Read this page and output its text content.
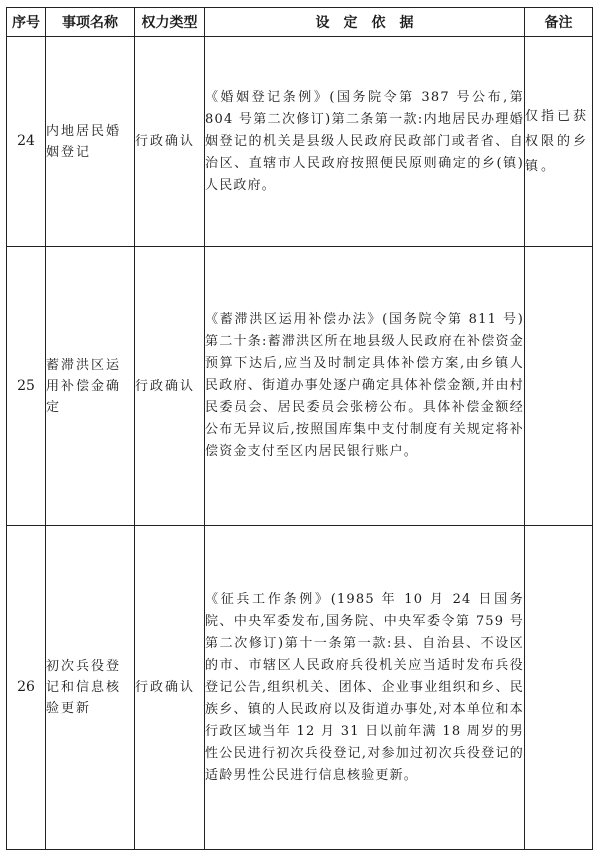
序号	事项名称	权力类型	设定依据	备注
24	内地居民婚姻登记	行政确认	《婚姻登记条例》(国务院令第 387 号公布,第 804 号第二次修订)第二条第一款:内地居民办理婚姻登记的机关是县级人民政府民政部门或者省、自治区、直辖市人民政府按照便民原则确定的乡(镇)人民政府。	仅指已获权限的乡镇。
25	蓄滞洪区运用补偿金确定	行政确认	《蓄滞洪区运用补偿办法》(国务院令第 811 号)第二十条:蓄滞洪区所在地县级人民政府在补偿资金预算下达后,应当及时制定具体补偿方案,由乡镇人民政府、街道办事处逐户确定具体补偿金额,并由村民委员会、居民委员会张榜公布。具体补偿金额经公布无异议后,按照国库集中支付制度有关规定将补偿资金支付至区内居民银行账户。	
26	初次兵役登记和信息核验更新	行政确认	《征兵工作条例》(1985 年 10 月 24 日国务院、中央军委发布,国务院、中央军委令第 759 号第二次修订)第十一条第一款:县、自治县、不设区的市、市辖区人民政府兵役机关应当适时发布兵役登记公告,组织机关、团体、企业事业组织和乡、民族乡、镇的人民政府以及街道办事处,对本单位和本行政区域当年 12 月 31 日以前年满 18 周岁的男性公民进行初次兵役登记,对参加过初次兵役登记的适龄男性公民进行信息核验更新。	
